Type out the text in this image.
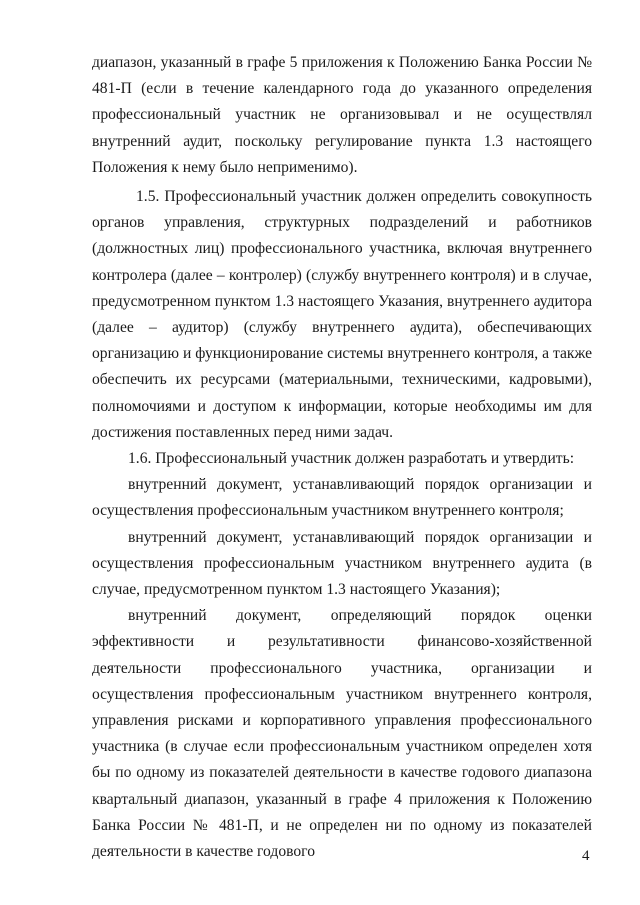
диапазон, указанный в графе 5 приложения к Положению Банка России № 481-П (если в течение календарного года до указанного определения профессиональный участник не организовывал и не осуществлял внутренний аудит, поскольку регулирование пункта 1.3 настоящего Положения к нему было неприменимо).

1.5. Профессиональный участник должен определить совокупность органов управления, структурных подразделений и работников (должностных лиц) профессионального участника, включая внутреннего контролера (далее – контролер) (службу внутреннего контроля) и в случае, предусмотренном пунктом 1.3 настоящего Указания, внутреннего аудитора (далее – аудитор) (службу внутреннего аудита), обеспечивающих организацию и функционирование системы внутреннего контроля, а также обеспечить их ресурсами (материальными, техническими, кадровыми), полномочиями и доступом к информации, которые необходимы им для достижения поставленных перед ними задач.

1.6. Профессиональный участник должен разработать и утвердить:

внутренний документ, устанавливающий порядок организации и осуществления профессиональным участником внутреннего контроля;

внутренний документ, устанавливающий порядок организации и осуществления профессиональным участником внутреннего аудита (в случае, предусмотренном пунктом 1.3 настоящего Указания);

внутренний документ, определяющий порядок оценки эффективности и результативности финансово-хозяйственной деятельности профессионального участника, организации и осуществления профессиональным участником внутреннего контроля, управления рисками и корпоративного управления профессионального участника (в случае если профессиональным участником определен хотя бы по одному из показателей деятельности в качестве годового диапазона квартальный диапазон, указанный в графе 4 приложения к Положению Банка России № 481-П, и не определен ни по одному из показателей деятельности в качестве годового	4
